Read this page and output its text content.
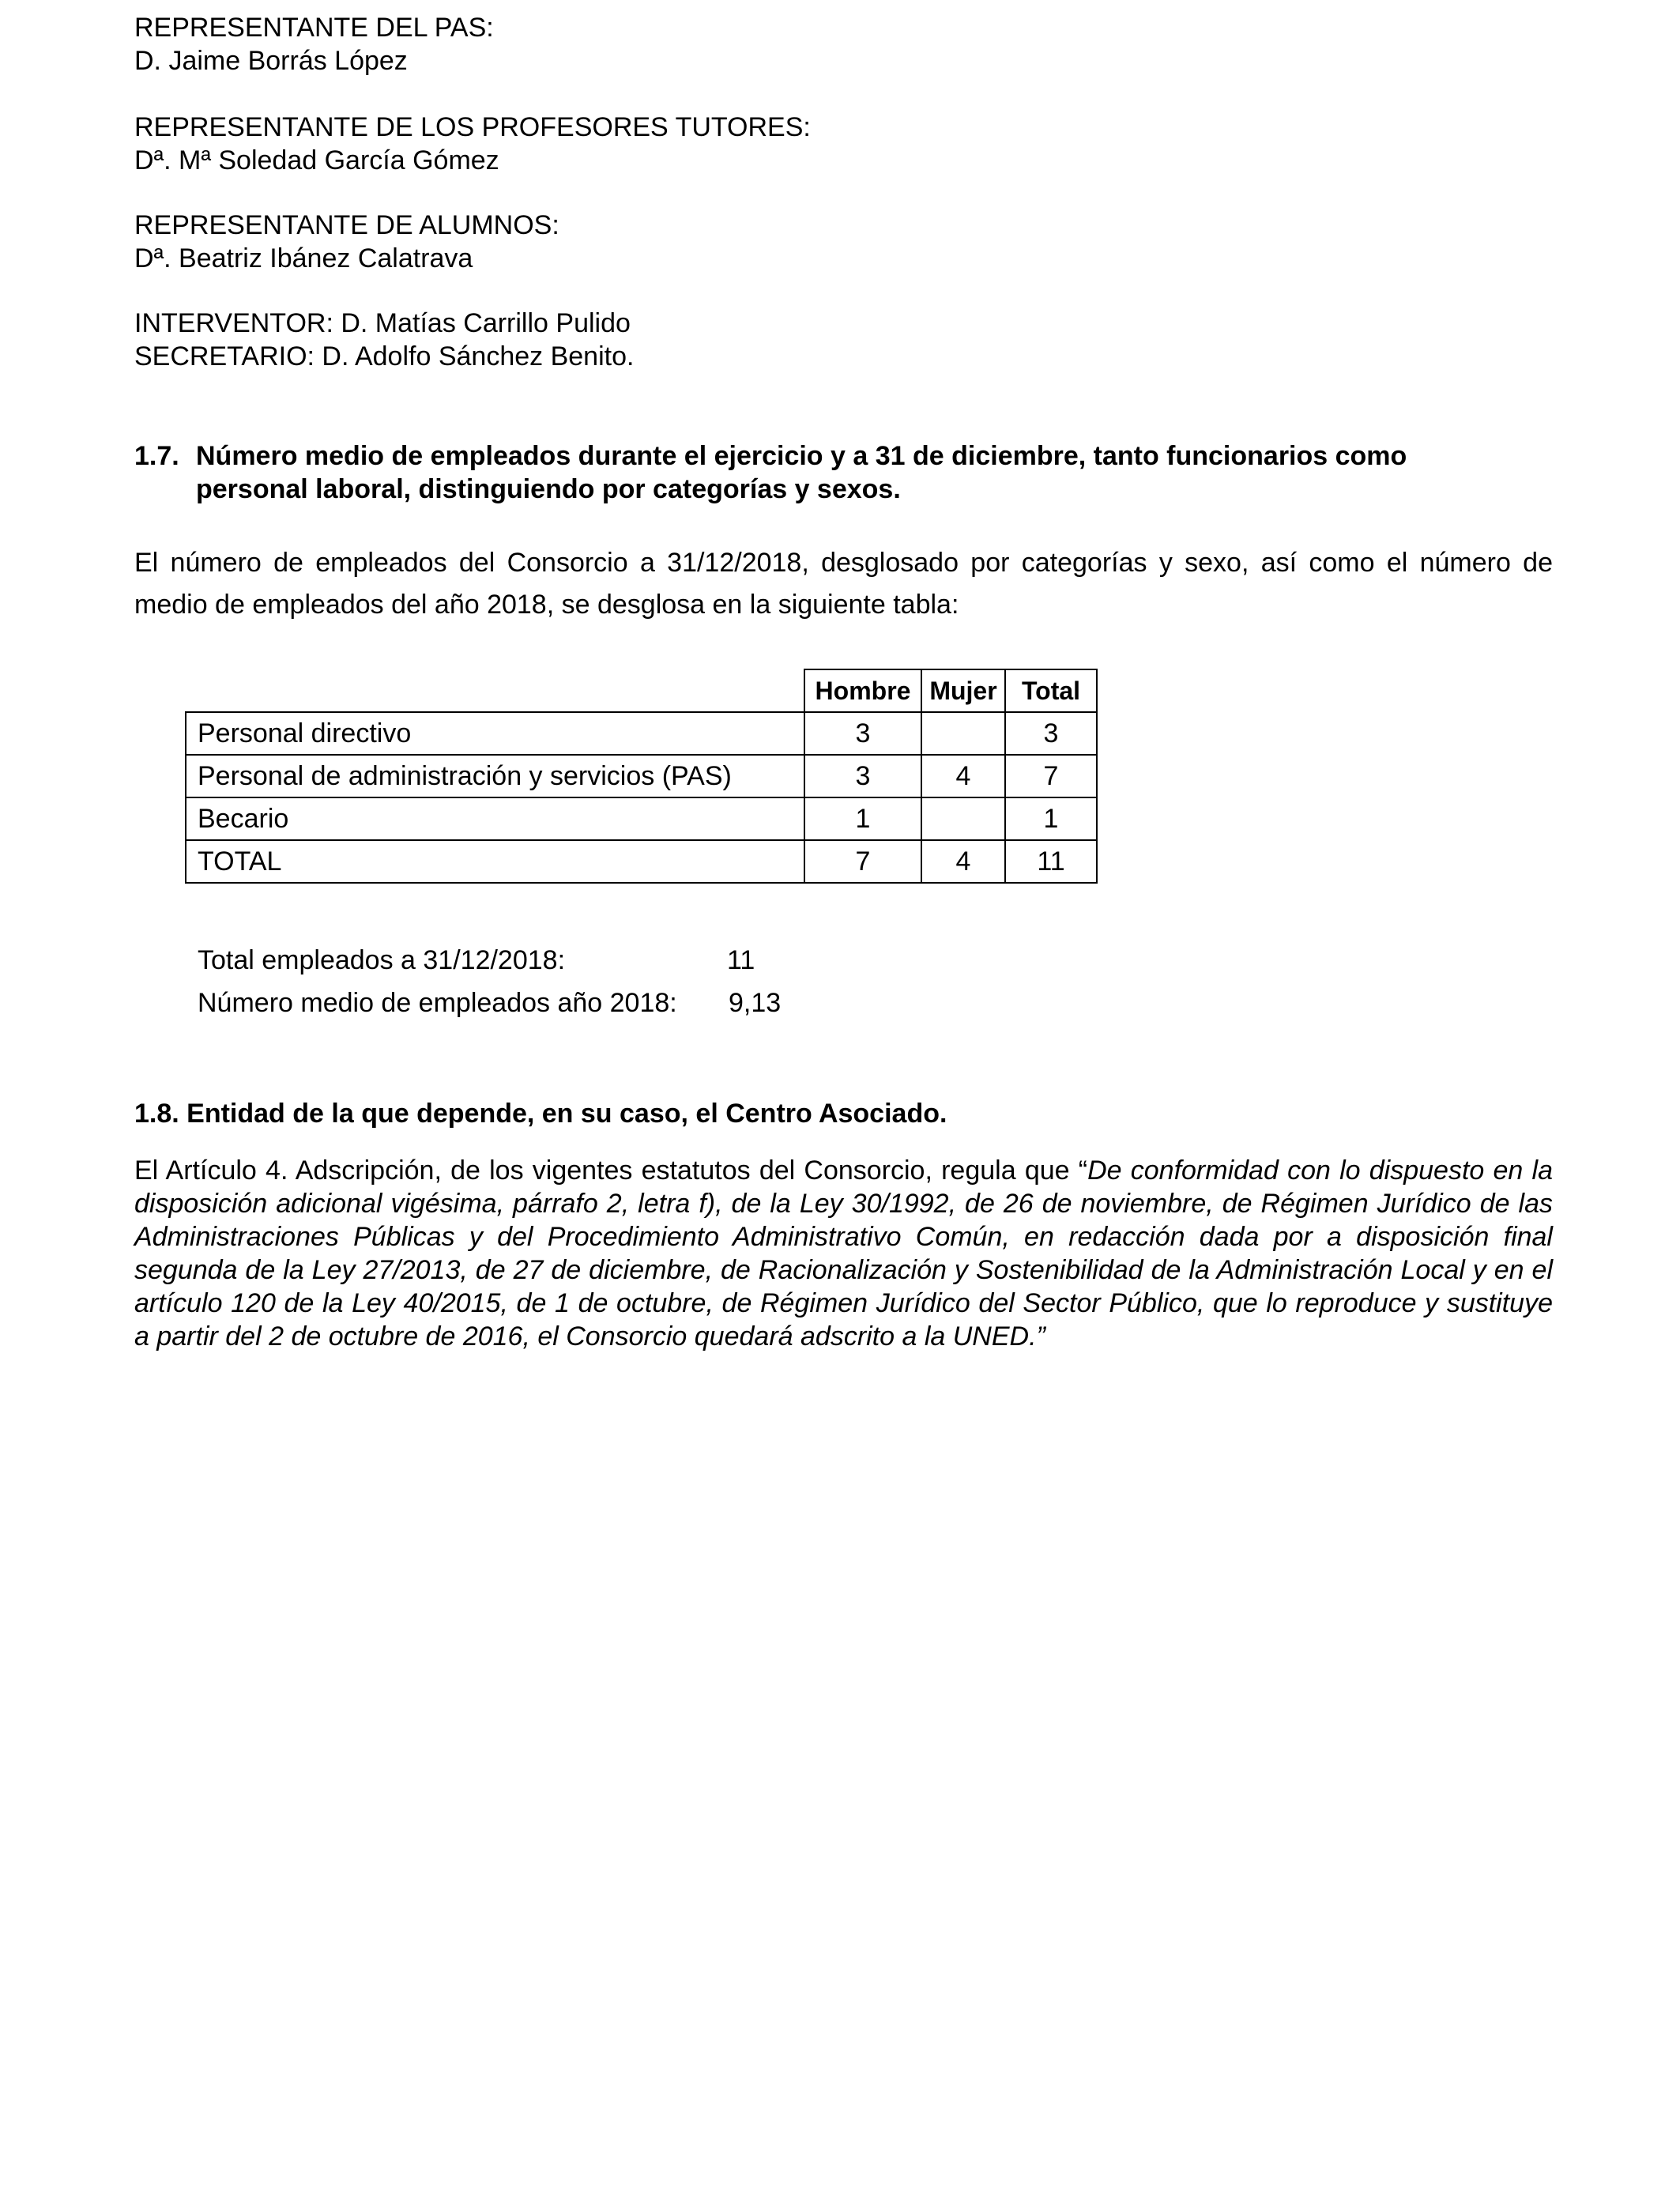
REPRESENTANTE DEL PAS:
D. Jaime Borrás López
REPRESENTANTE DE LOS PROFESORES TUTORES:
Dª. Mª Soledad García Gómez
REPRESENTANTE DE ALUMNOS:
Dª. Beatriz Ibánez Calatrava
INTERVENTOR: D. Matías Carrillo Pulido
SECRETARIO: D. Adolfo Sánchez Benito.
1.7. Número medio de empleados durante el ejercicio y a 31 de diciembre, tanto funcionarios como
personal laboral, distinguiendo por categorías y sexos.
El número de empleados del Consorcio a 31/12/2018, desglosado por categorías y sexo, así como el número de medio de empleados del año 2018, se desglosa en la siguiente tabla:
	Hombre	Mujer	Total
Personal directivo	3		3
Personal de administración y servicios (PAS)	3	4	7
Becario	1		1
TOTAL	7	4	11
Total empleados a 31/12/2018:	11
Número medio de empleados año 2018: 9,13
1.8. Entidad de la que depende, en su caso, el Centro Asociado.
El Artículo 4. Adscripción, de los vigentes estatutos del Consorcio, regula que “De conformidad con lo dispuesto en la disposición adicional vigésima, párrafo 2, letra f), de la Ley 30/1992, de 26 de noviembre, de Régimen Jurídico de las Administraciones Públicas y del Procedimiento Administrativo Común, en redacción dada por a disposición final segunda de la Ley 27/2013, de 27 de diciembre, de Racionalización y Sostenibilidad de la Administración Local y en el artículo 120 de la Ley 40/2015, de 1 de octubre, de Régimen Jurídico del Sector Público, que lo reproduce y sustituye a partir del 2 de octubre de 2016, el Consorcio quedará adscrito a la UNED.”
